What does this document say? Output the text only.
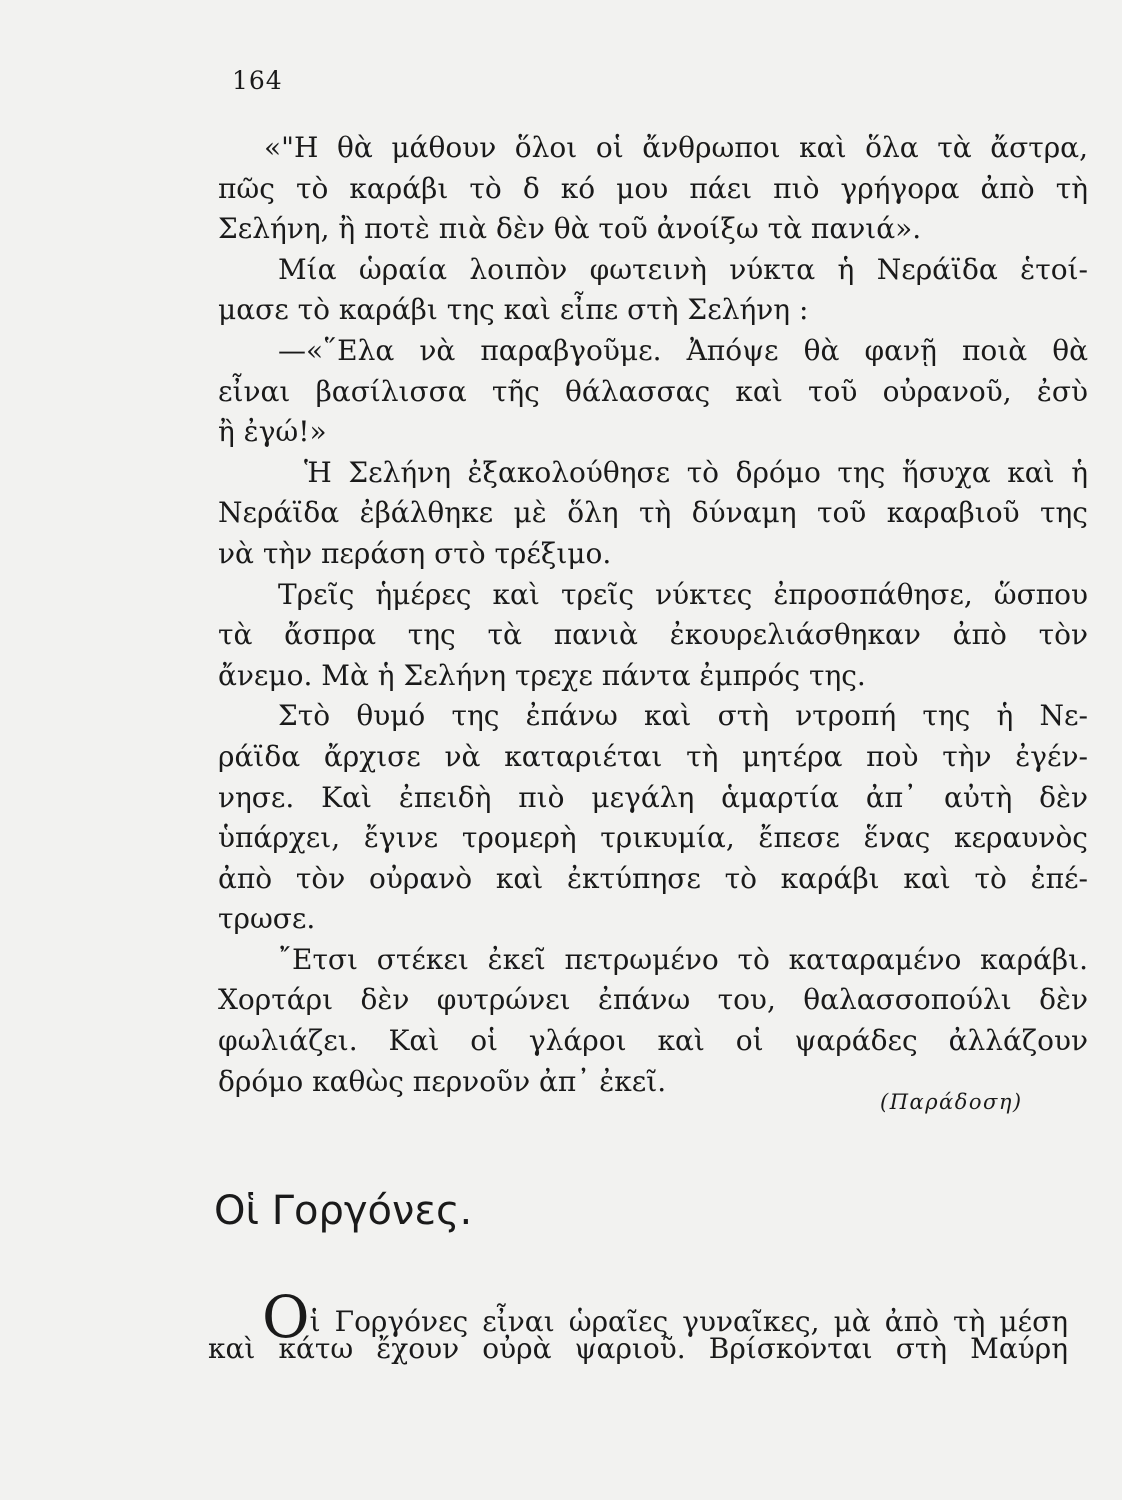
164
«"Η θὰ μάθουν ὅλοι οἱ ἄνθρωποι καὶ ὅλα τὰ ἄστρα,
πῶς τὸ καράβι τὸ δ κό μου πάει πιὸ γρήγορα ἀπὸ τὴ
Σελήνη, ἢ ποτὲ πιὰ δὲν θὰ τοῦ ἀνοίξω τὰ πανιά».
Μία ὡραία λοιπὸν φωτεινὴ νύκτα ἡ Νεράϊδα ἑτοί-
μασε τὸ καράβι της καὶ εἶπε στὴ Σελήνη :
—«῞Ελα νὰ παραβγοῦμε. Ἀπόψε θὰ φανῇ ποιὰ θὰ
εἶναι βασίλισσα τῆς θάλασσας καὶ τοῦ οὐρανοῦ, ἐσὺ
ἢ ἐγώ!»
Ἡ Σελήνη ἐξακολούθησε τὸ δρόμο της ἥσυχα καὶ ἡ
Νεράϊδα ἐβάλθηκε μὲ ὅλη τὴ δύναμη τοῦ καραβιοῦ της
νὰ τὴν περάση στὸ τρέξιμο.
Τρεῖς ἡμέρες καὶ τρεῖς νύκτες ἐπροσπάθησε, ὥσπου
τὰ ἄσπρα της τὰ πανιὰ ἐκουρελιάσθηκαν ἀπὸ τὸν
ἄνεμο. Μὰ ἡ Σελήνη τρεχε πάντα ἐμπρός της.
Στὸ θυμό της ἐπάνω καὶ στὴ ντροπή της ἡ Νε-
ράϊδα ἄρχισε νὰ καταριέται τὴ μητέρα ποὺ τὴν ἐγέν-
νησε. Καὶ ἐπειδὴ πιὸ μεγάλη ἁμαρτία ἀπ᾿ αὐτὴ δὲν
ὑπάρχει, ἔγινε τρομερὴ τρικυμία, ἔπεσε ἕνας κεραυνὸς
ἀπὸ τὸν οὐρανὸ καὶ ἐκτύπησε τὸ καράβι καὶ τὸ ἐπέ-
τρωσε.
῎Ετσι στέκει ἐκεῖ πετρωμένο τὸ καταραμένο καράβι.
Χορτάρι δὲν φυτρώνει ἐπάνω του, θαλασσοπούλι δὲν
φωλιάζει. Καὶ οἱ γλάροι καὶ οἱ ψαράδες ἀλλάζουν
δρόμο καθὼς περνοῦν ἀπ᾿ ἐκεῖ.
(Παράδοση)
Οἱ Γοργόνες.
Οἱ Γοργόνες εἶναι ὡραῖες γυναῖκες, μὰ ἀπὸ τὴ μέση
καὶ κάτω ἔχουν οὐρὰ ψαριοῦ. Βρίσκονται στὴ Μαύρη
